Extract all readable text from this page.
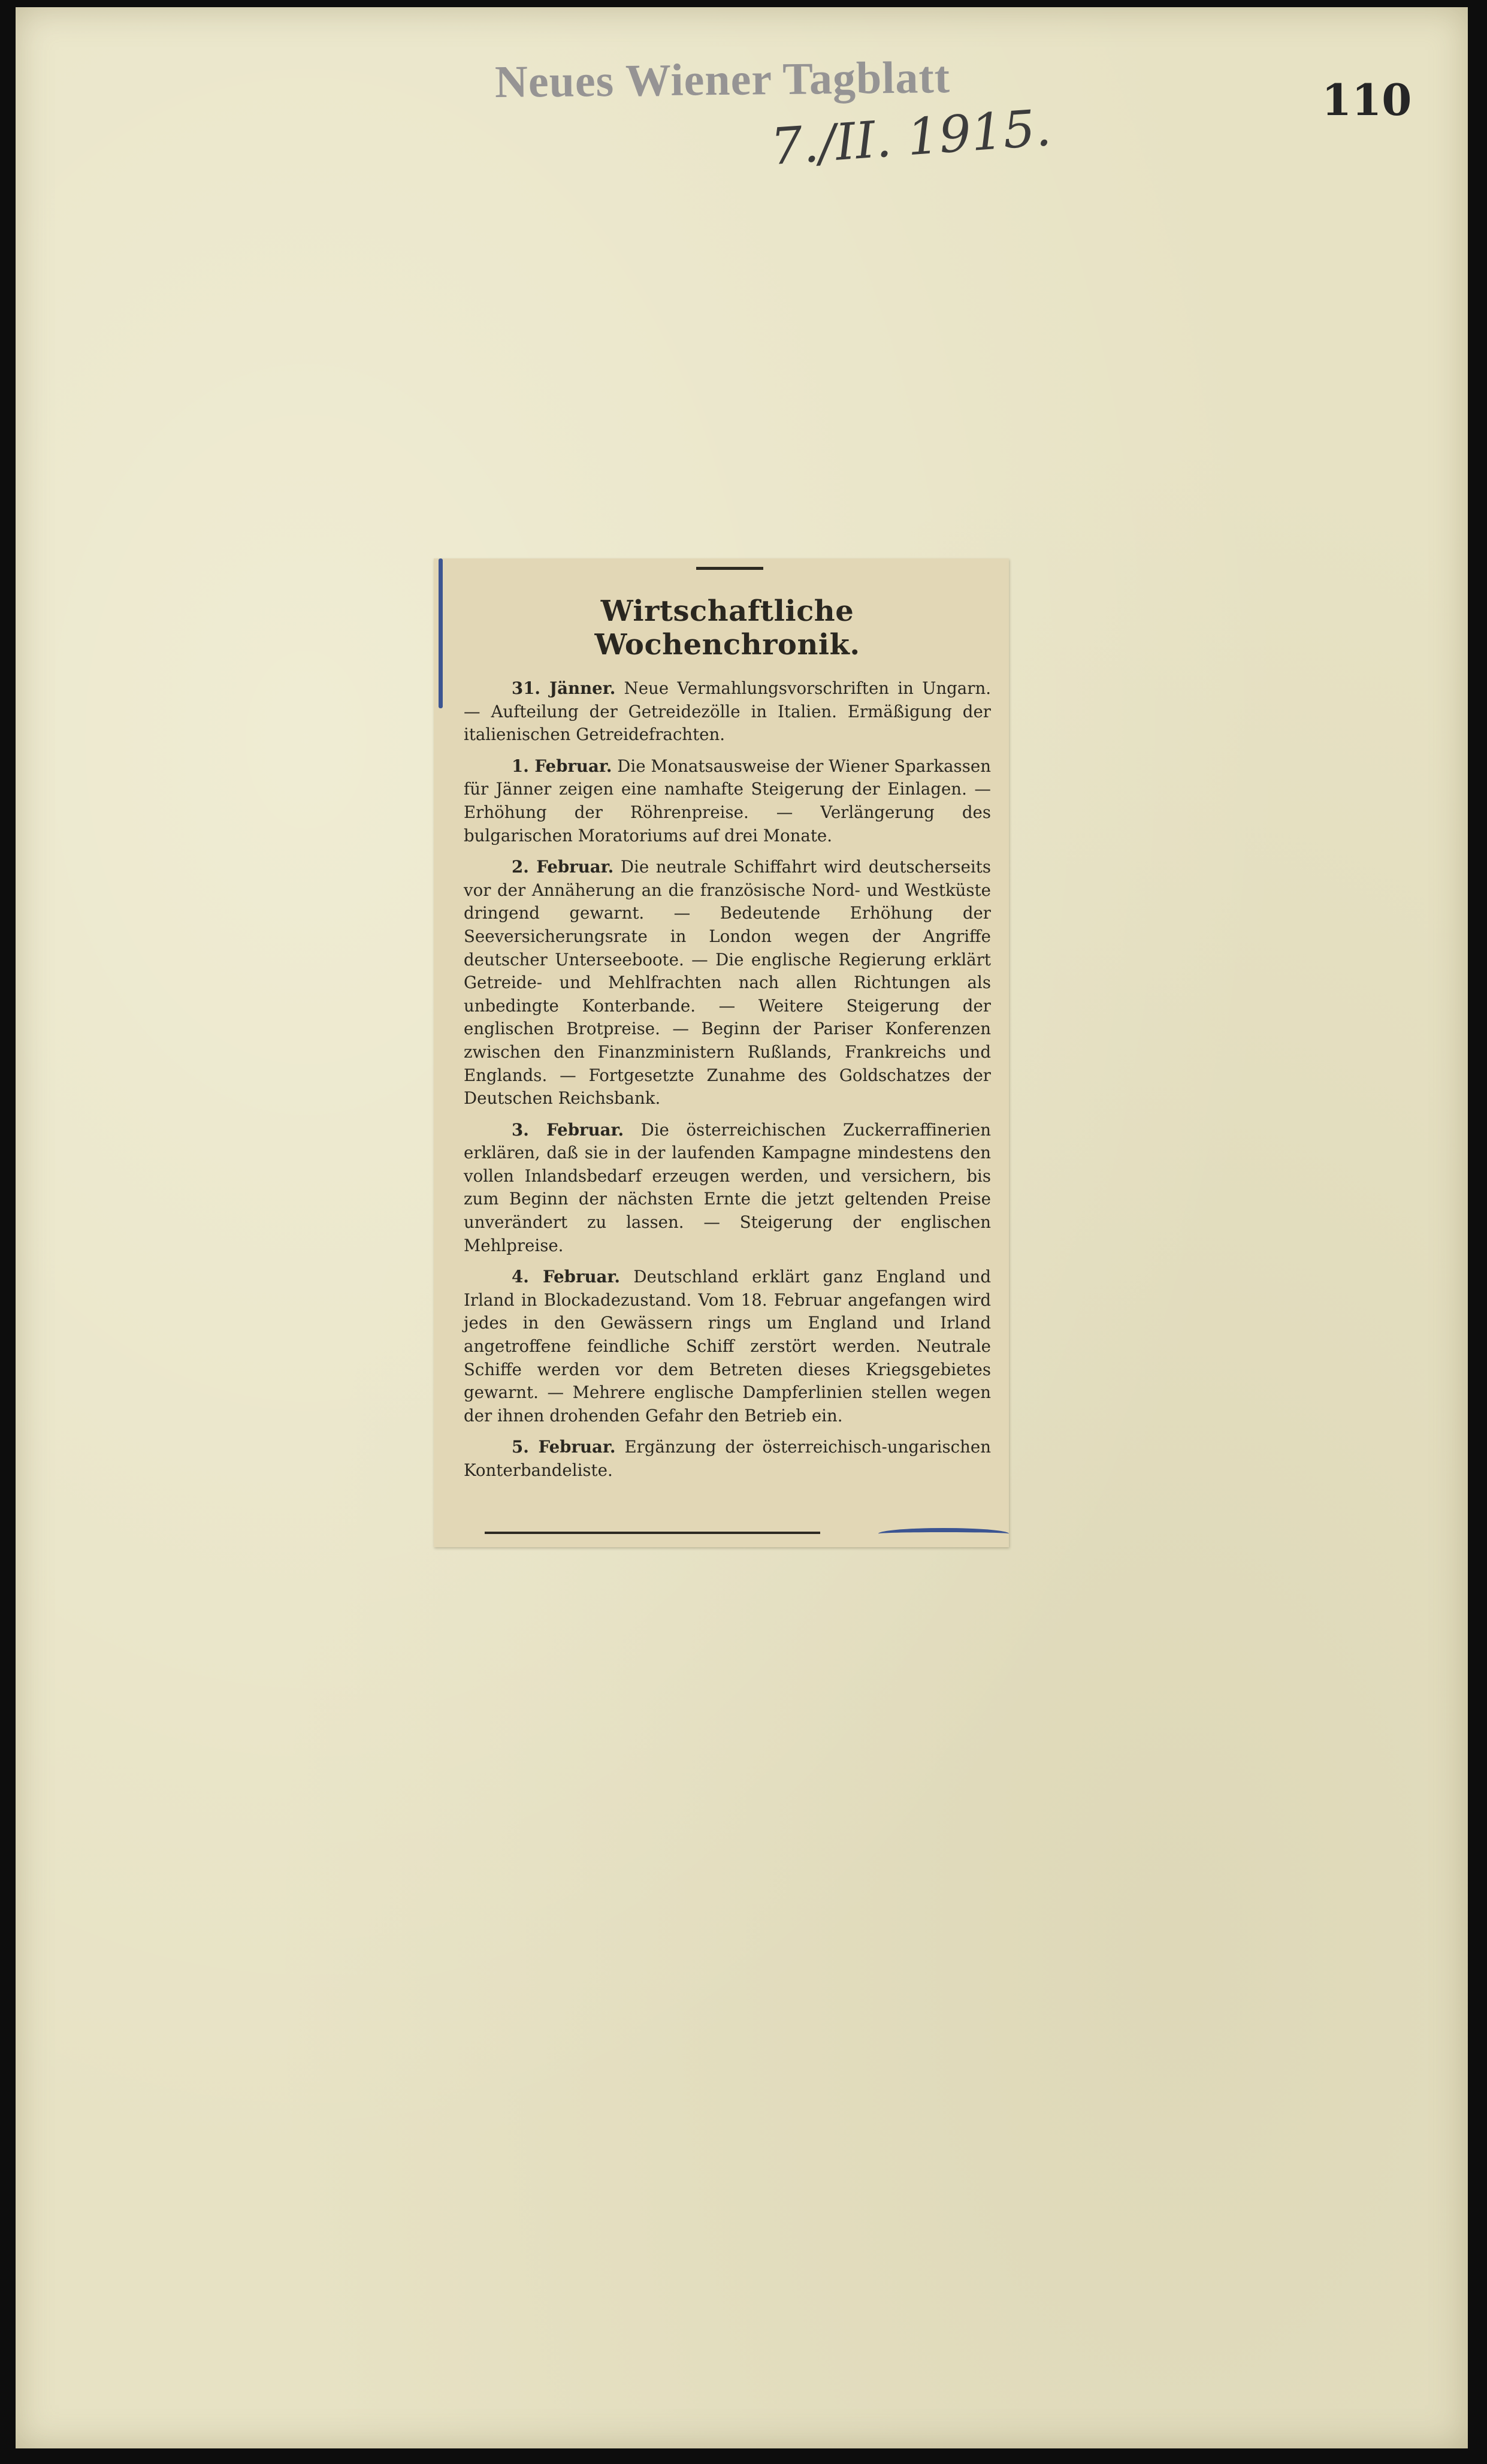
Neues Wiener Tagblatt
7./II. 1915.	110
Wirtschaftliche Wochenchronik.

31. Jänner. Neue Vermahlungsvorschriften in Ungarn. — Aufteilung der Getreidezölle in Italien. Ermäßigung der italienischen Getreidefrachten.

1. Februar. Die Monatsausweise der Wiener Sparkassen für Jänner zeigen eine namhafte Steigerung der Einlagen. — Erhöhung der Röhrenpreise. — Verlängerung des bulgarischen Moratoriums auf drei Monate.

2. Februar. Die neutrale Schiffahrt wird deutscherseits vor der Annäherung an die französische Nord- und Westküste dringend gewarnt. — Bedeutende Erhöhung der Seeversicherungsrate in London wegen der Angriffe deutscher Unterseeboote. — Die englische Regierung erklärt Getreide- und Mehlfrachten nach allen Richtungen als unbedingte Konterbande. — Weitere Steigerung der englischen Brotpreise. — Beginn der Pariser Konferenzen zwischen den Finanzministern Rußlands, Frankreichs und Englands. — Fortgesetzte Zunahme des Goldschatzes der Deutschen Reichsbank.

3. Februar. Die österreichischen Zuckerraffinerien erklären, daß sie in der laufenden Kampagne mindestens den vollen Inlandsbedarf erzeugen werden, und versichern, bis zum Beginn der nächsten Ernte die jetzt geltenden Preise unverändert zu lassen. — Steigerung der englischen Mehlpreise.

4. Februar. Deutschland erklärt ganz England und Irland in Blockadezustand. Vom 18. Februar angefangen wird jedes in den Gewässern rings um England und Irland angetroffene feindliche Schiff zerstört werden. Neutrale Schiffe werden vor dem Betreten dieses Kriegsgebietes gewarnt. — Mehrere englische Dampferlinien stellen wegen der ihnen drohenden Gefahr den Betrieb ein.

5. Februar. Ergänzung der österreichisch-ungarischen Konterbandeliste.
